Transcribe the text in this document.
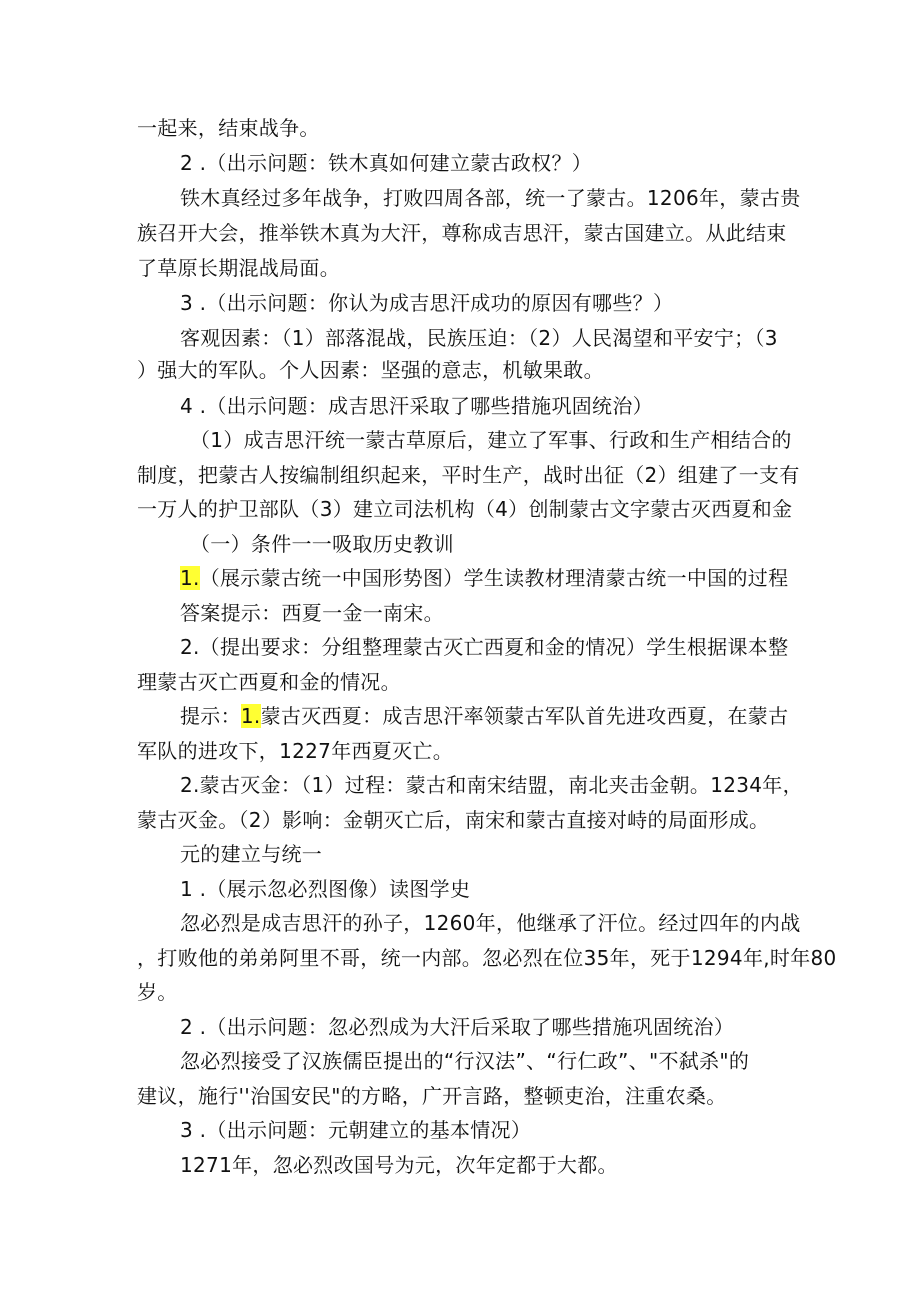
一起来，结束战争。
2 .（出示问题：铁木真如何建立蒙古政权？）
铁木真经过多年战争，打败四周各部，统一了蒙古。1206年，蒙古贵
族召开大会，推举铁木真为大汗，尊称成吉思汗，蒙古国建立。从此结束
了草原长期混战局面。
3 .（出示问题：你认为成吉思汗成功的原因有哪些？）
客观因素：（1）部落混战，民族压迫：（2）人民渴望和平安宁；（3
）强大的军队。个人因素：坚强的意志，机敏果敢。
4 .（出示问题：成吉思汗采取了哪些措施巩固统治）
（1）成吉思汗统一蒙古草原后，建立了军事、行政和生产相结合的
制度，把蒙古人按编制组织起来，平时生产，战时出征（2）组建了一支有
一万人的护卫部队（3）建立司法机构（4）创制蒙古文字蒙古灭西夏和金
（一）条件一一吸取历史教训
1.（展示蒙古统一中国形势图）学生读教材理清蒙古统一中国的过程
答案提示：西夏一金一南宋。
2.（提出要求：分组整理蒙古灭亡西夏和金的情况）学生根据课本整
理蒙古灭亡西夏和金的情况。
提示：1.蒙古灭西夏：成吉思汗率领蒙古军队首先进攻西夏，在蒙古
军队的进攻下，1227年西夏灭亡。
2.蒙古灭金：（1）过程：蒙古和南宋结盟，南北夹击金朝。1234年，
蒙古灭金。（2）影响：金朝灭亡后，南宋和蒙古直接对峙的局面形成。
元的建立与统一
1 .（展示忽必烈图像）读图学史
忽必烈是成吉思汗的孙子，1260年，他继承了汗位。经过四年的内战
，打败他的弟弟阿里不哥，统一内部。忽必烈在位35年，死于1294年,时年80
岁。
2 .（出示问题：忽必烈成为大汗后采取了哪些措施巩固统治）
忽必烈接受了汉族儒臣提出的“行汉法”、“行仁政”、"不弑杀"的
建议，施行''治国安民"的方略，广开言路，整顿吏治，注重农桑。
3 .（出示问题：元朝建立的基本情况）
1271年，忽必烈改国号为元，次年定都于大都。
